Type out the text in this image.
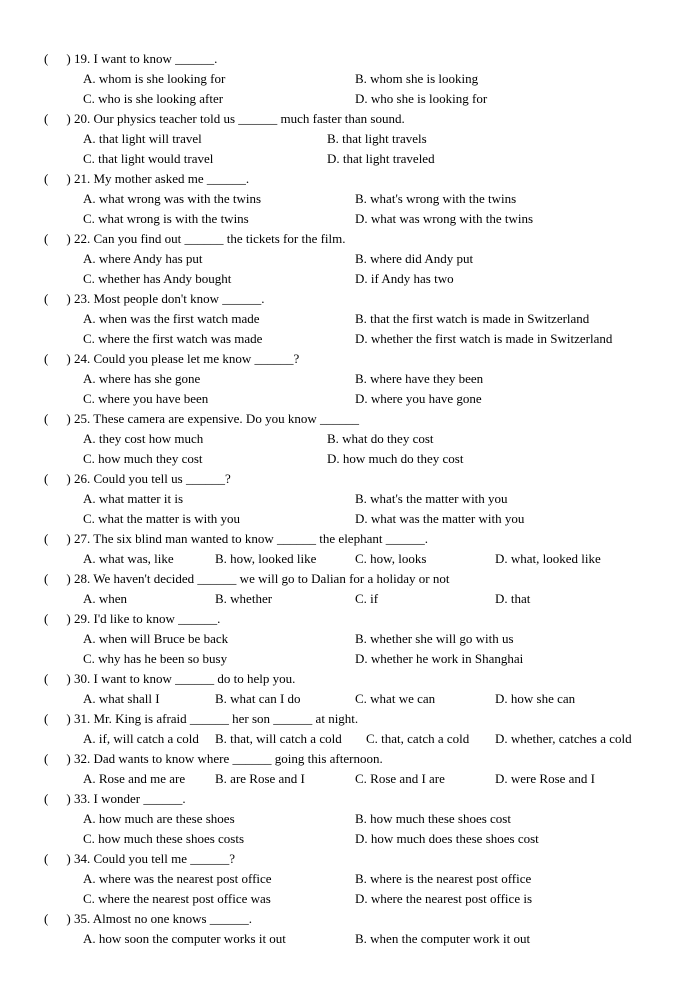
( ) 19. I want to know ______.
A. whom is she looking for	B. whom she is looking
C. who is she looking after	D. who she is looking for
( ) 20. Our physics teacher told us ______ much faster than sound.
A. that light will travel	B. that light travels
C. that light would travel	D. that light traveled
( ) 21. My mother asked me ______.
A. what wrong was with the twins	B. what's wrong with the twins
C. what wrong is with the twins	D. what was wrong with the twins
( ) 22. Can you find out ______ the tickets for the film.
A. where Andy has put	B. where did Andy put
C. whether has Andy bought	D. if Andy has two
( ) 23. Most people don't know ______.
A. when was the first watch made	B. that the first watch is made in Switzerland
C. where the first watch was made	D. whether the first watch is made in Switzerland
( ) 24. Could you please let me know ______?
A. where has she gone	B. where have they been
C. where you have been	D. where you have gone
( ) 25. These camera are expensive. Do you know ______
A. they cost how much	B. what do they cost
C. how much they cost	D. how much do they cost
( ) 26. Could you tell us ______?
A. what matter it is	B. what's the matter with you
C. what the matter is with you	D. what was the matter with you
( ) 27. The six blind man wanted to know ______ the elephant ______.
A. what was, like	B. how, looked like	C. how, looks	D. what, looked like
( ) 28. We haven't decided ______ we will go to Dalian for a holiday or not
A. when	B. whether	C. if	D. that
( ) 29. I'd like to know ______.
A. when will Bruce be back	B. whether she will go with us
C. why has he been so busy	D. whether he work in Shanghai
( ) 30. I want to know ______ do to help you.
A. what shall I	B. what can I do	C. what we can	D. how she can
( ) 31. Mr. King is afraid ______ her son ______ at night.
A. if, will catch a cold B. that, will catch a cold C. that, catch a cold D. whether, catches a cold
( ) 32. Dad wants to know where ______ going this afternoon.
A. Rose and me are B. are Rose and I	C. Rose and I are	D. were Rose and I
( ) 33. I wonder ______.
A. how much are these shoes	B. how much these shoes cost
C. how much these shoes costs	D. how much does these shoes cost
( ) 34. Could you tell me ______?
A. where was the nearest post office	B. where is the nearest post office
C. where the nearest post office was	D. where the nearest post office is
( ) 35. Almost no one knows ______.
A. how soon the computer works it out	B. when the computer work it out
